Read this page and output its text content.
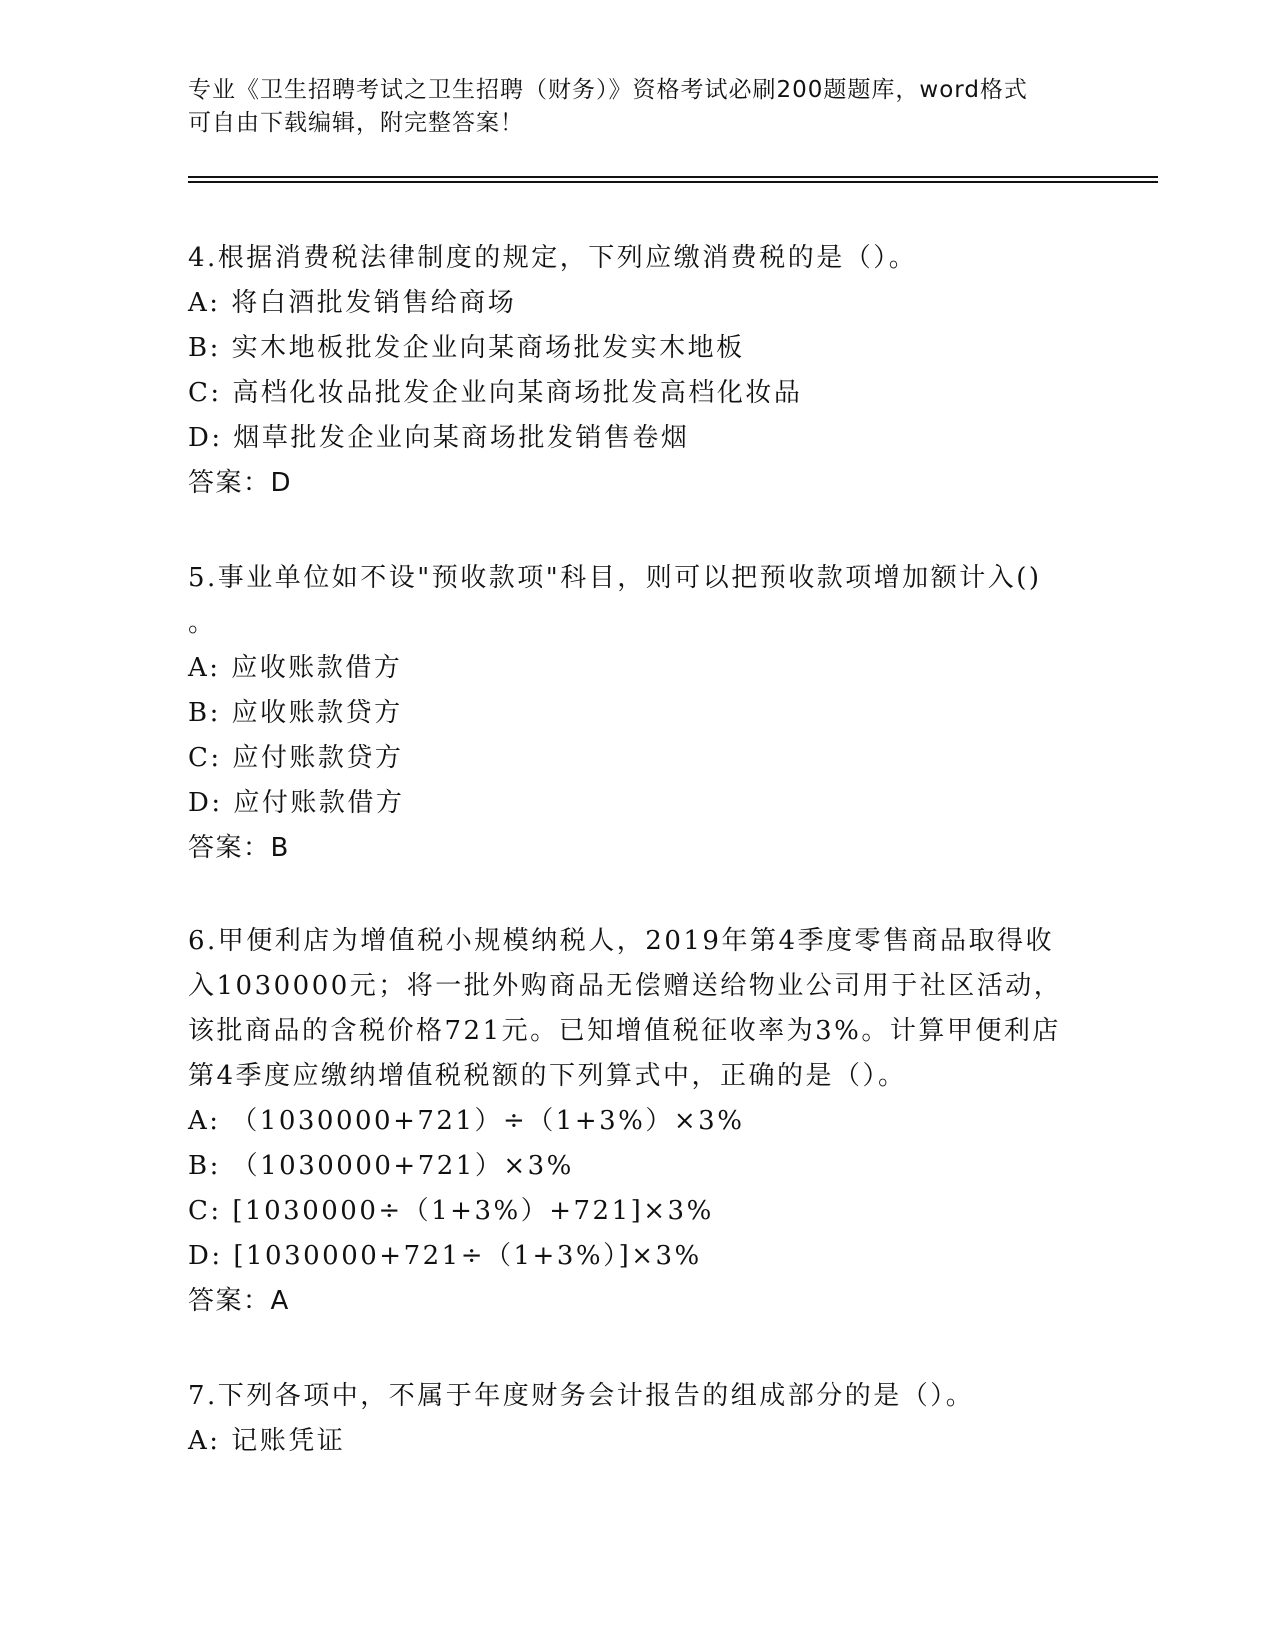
专业《卫生招聘考试之卫生招聘（财务）》资格考试必刷200题题库，word格式
可自由下载编辑，附完整答案！
4.根据消费税法律制度的规定，下列应缴消费税的是（）。
A: 将白酒批发销售给商场
B: 实木地板批发企业向某商场批发实木地板
C: 高档化妆品批发企业向某商场批发高档化妆品
D: 烟草批发企业向某商场批发销售卷烟
答案：D
5.事业单位如不设"预收款项"科目，则可以把预收款项增加额计入()
。
A: 应收账款借方
B: 应收账款贷方
C: 应付账款贷方
D: 应付账款借方
答案：B
6.甲便利店为增值税小规模纳税人，2019年第4季度零售商品取得收
入1030000元；将一批外购商品无偿赠送给物业公司用于社区活动，
该批商品的含税价格721元。已知增值税征收率为3%。计算甲便利店
第4季度应缴纳增值税税额的下列算式中，正确的是（）。
A: （1030000+721）÷（1+3%）×3%
B: （1030000+721）×3%
C: [1030000÷（1+3%）+721]×3%
D: [1030000+721÷（1+3%）]×3%
答案：A
7.下列各项中，不属于年度财务会计报告的组成部分的是（）。
A: 记账凭证
